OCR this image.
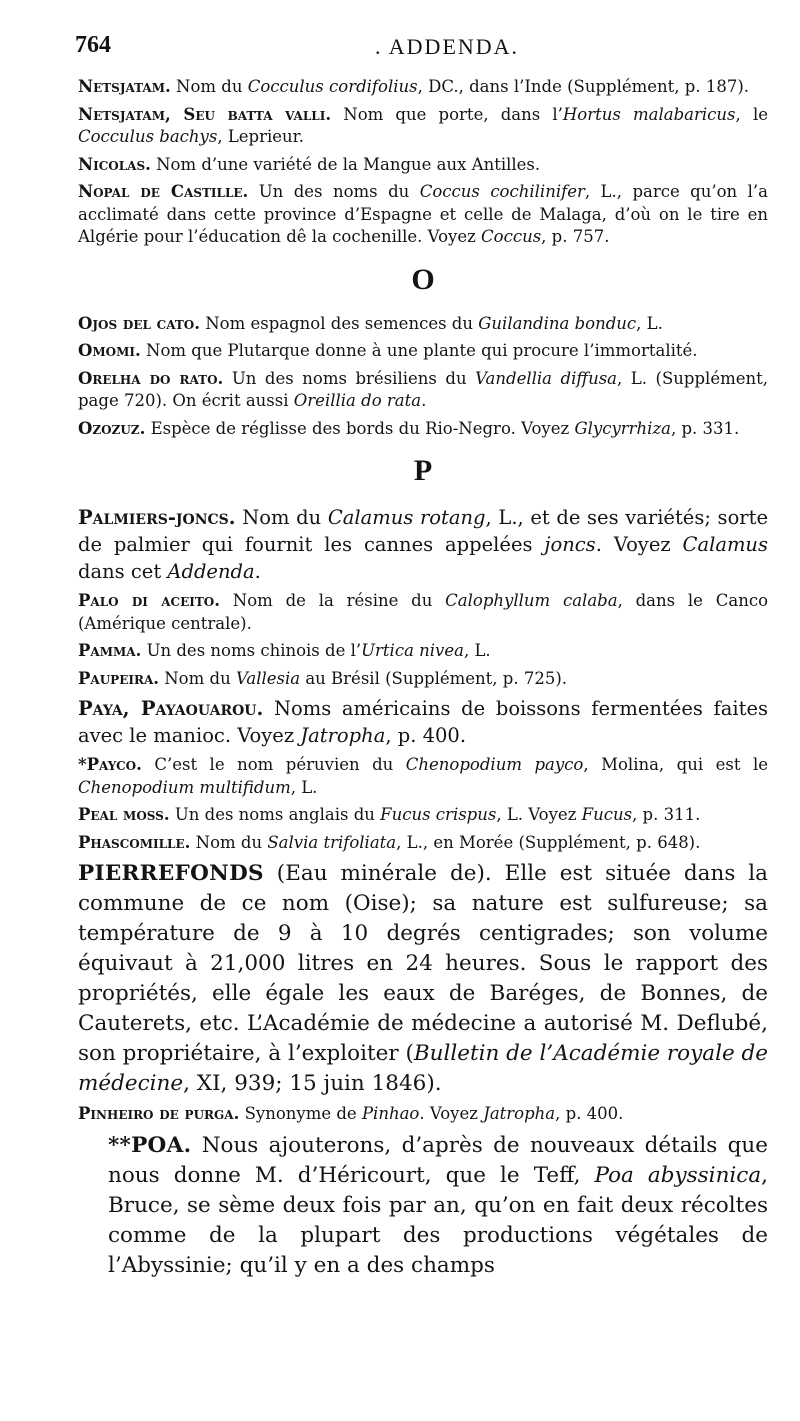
764	. ADDENDA.

Netsjatam. Nom du Cocculus cordifolius, DC., dans l’Inde (Supplément, p. 187).

Netsjatam, Seu batta valli. Nom que porte, dans l’Hortus malabaricus, le Cocculus bachys, Leprieur.

Nicolas. Nom d’une variété de la Mangue aux Antilles.

Nopal de Castille. Un des noms du Coccus cochilinifer, L., parce qu’on l’a acclimaté dans cette province d’Espagne et celle de Malaga, d’où on le tire en Algérie pour l’éducation dê la cochenille. Voyez Coccus, p. 757.

O

Ojos del cato. Nom espagnol des semences du Guilandina bonduc, L.

Omomi. Nom que Plutarque donne à une plante qui procure l’immortalité.

Orelha do rato. Un des noms brésiliens du Vandellia diffusa, L. (Supplément, page 720). On écrit aussi Oreillia do rata.

Ozozuz. Espèce de réglisse des bords du Rio-Negro. Voyez Glycyrrhiza, p. 331.

P

Palmiers-joncs. Nom du Calamus rotang, L., et de ses variétés; sorte de palmier qui fournit les cannes appelées joncs. Voyez Calamus dans cet Addenda.

Palo di aceito. Nom de la résine du Calophyllum calaba, dans le Canco (Amérique centrale).

Pamma. Un des noms chinois de l’Urtica nivea, L.

Paupeira. Nom du Vallesia au Brésil (Supplément, p. 725).

Paya, Payaouarou. Noms américains de boissons fermentées faites avec le manioc. Voyez Jatropha, p. 400.

*Payco. C’est le nom péruvien du Chenopodium payco, Molina, qui est le Chenopodium multifidum, L.

Peal moss. Un des noms anglais du Fucus crispus, L. Voyez Fucus, p. 311.

Phascomille. Nom du Salvia trifoliata, L., en Morée (Supplément, p. 648).

PIERREFONDS (Eau minérale de). Elle est située dans la commune de ce nom (Oise); sa nature est sulfureuse; sa température de 9 à 10 degrés centigrades; son volume équivaut à 21,000 litres en 24 heures. Sous le rapport des propriétés, elle égale les eaux de Baréges, de Bonnes, de Cauterets, etc. L’Académie de médecine a autorisé M. Deflubé, son propriétaire, à l’exploiter (Bulletin de l’Académie royale de médecine, XI, 939; 15 juin 1846).

Pinheiro de purga. Synonyme de Pinhao. Voyez Jatropha, p. 400.

**POA. Nous ajouterons, d’après de nouveaux détails que nous donne M. d’Héricourt, que le Teff, Poa abyssinica, Bruce, se sème deux fois par an, qu’on en fait deux récoltes comme de la plupart des productions végétales de l’Abyssinie; qu’il y en a des champs
